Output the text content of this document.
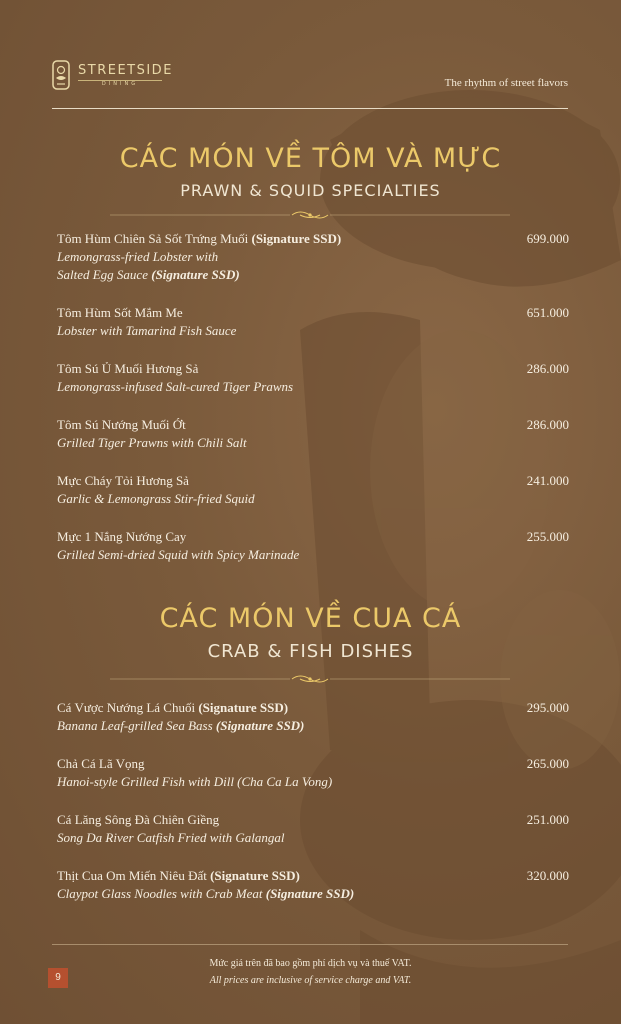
STREETSIDE
DINING	The rhythm of street flavors
CÁC MÓN VỀ TÔM VÀ MỰC
PRAWN & SQUID SPECIALTIES
Tôm Hùm Chiên Sả Sốt Trứng Muối (Signature SSD)
Lemongrass-fried Lobster with
Salted Egg Sauce (Signature SSD)
699.000
Tôm Hùm Sốt Mắm Me
Lobster with Tamarind Fish Sauce
651.000
Tôm Sú Ủ Muối Hương Sả
Lemongrass-infused Salt-cured Tiger Prawns
286.000
Tôm Sú Nướng Muối Ớt
Grilled Tiger Prawns with Chili Salt
286.000
Mực Cháy Tỏi Hương Sả
Garlic & Lemongrass Stir-fried Squid
241.000
Mực 1 Nắng Nướng Cay
Grilled Semi-dried Squid with Spicy Marinade
255.000
CÁC MÓN VỀ CUA CÁ
CRAB & FISH DISHES
Cá Vược Nướng Lá Chuối (Signature SSD)
Banana Leaf-grilled Sea Bass (Signature SSD)
295.000
Chả Cá Lã Vọng
Hanoi-style Grilled Fish with Dill (Cha Ca La Vong)
265.000
Cá Lăng Sông Đà Chiên Giềng
Song Da River Catfish Fried with Galangal
251.000
Thịt Cua Om Miến Niêu Đất (Signature SSD)
Claypot Glass Noodles with Crab Meat (Signature SSD)
320.000
Mức giá trên đã bao gồm phí dịch vụ và thuế VAT.
All prices are inclusive of service charge and VAT.
9
